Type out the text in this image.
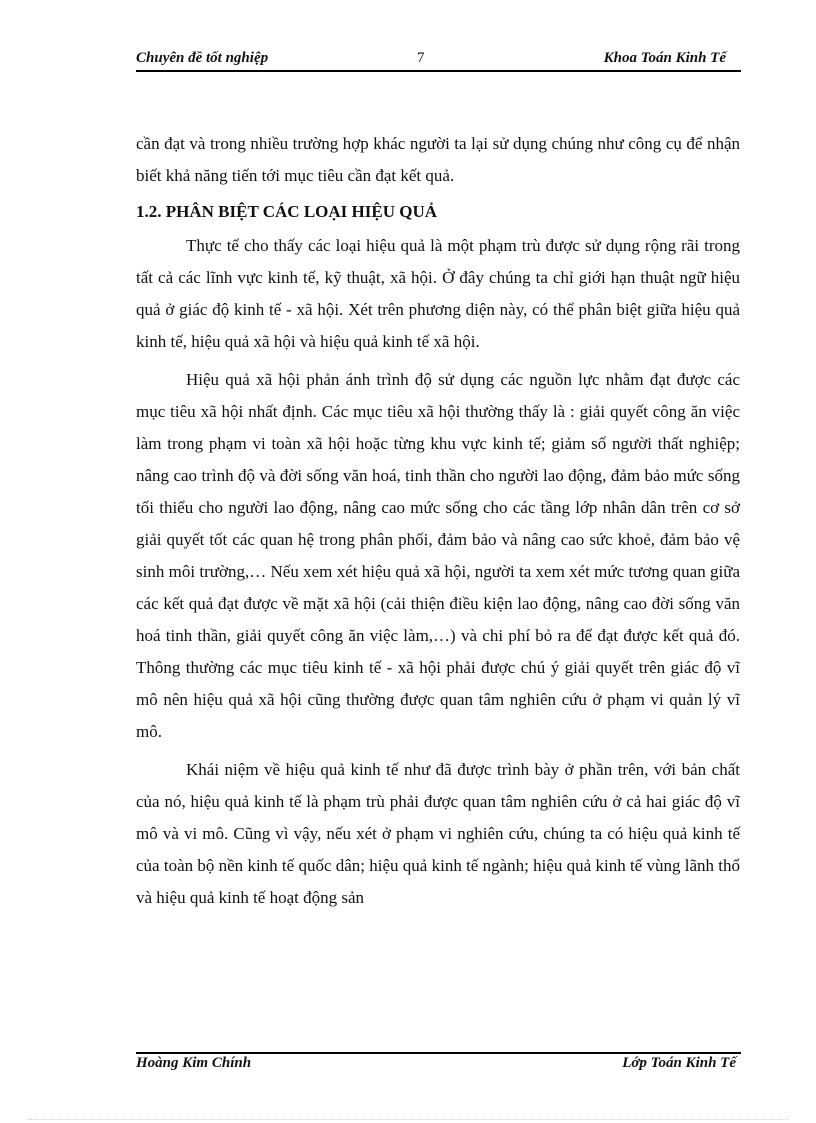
Chuyên đề tốt nghiệp	7	Khoa Toán Kinh Tế

cần đạt và trong nhiều trường hợp khác người ta lại sử dụng chúng như công cụ để nhận biết khả năng tiến tới mục tiêu cần đạt kết quả.

1.2. PHÂN BIỆT CÁC LOẠI HIỆU QUẢ

Thực tế cho thấy các loại hiệu quả là một phạm trù được sử dụng rộng rãi trong tất cả các lĩnh vực kinh tế, kỹ thuật, xã hội. Ở đây chúng ta chỉ giới hạn thuật ngữ hiệu quả ở giác độ kinh tế - xã hội. Xét trên phương diện này, có thể phân biệt giữa hiệu quả kinh tế, hiệu quả xã hội và hiệu quả kinh tế xã hội.

Hiệu quả xã hội phản ánh trình độ sử dụng các nguồn lực nhằm đạt được các mục tiêu xã hội nhất định. Các mục tiêu xã hội thường thấy là : giải quyết công ăn việc làm trong phạm vi toàn xã hội hoặc từng khu vực kinh tế; giảm số người thất nghiệp; nâng cao trình độ và đời sống văn hoá, tinh thần cho người lao động, đảm bảo mức sống tối thiểu cho người lao động, nâng cao mức sống cho các tầng lớp nhân dân trên cơ sở giải quyết tốt các quan hệ trong phân phối, đảm bảo và nâng cao sức khoẻ, đảm bảo vệ sinh môi trường,… Nếu xem xét hiệu quả xã hội, người ta xem xét mức tương quan giữa các kết quả đạt được về mặt xã hội (cải thiện điều kiện lao động, nâng cao đời sống văn hoá tinh thần, giải quyết công ăn việc làm,…) và chi phí bỏ ra để đạt được kết quả đó. Thông thường các mục tiêu kinh tế - xã hội phải được chú ý giải quyết trên giác độ vĩ mô nên hiệu quả xã hội cũng thường được quan tâm nghiên cứu ở phạm vi quản lý vĩ mô.

Khái niệm về hiệu quả kinh tế như đã được trình bày ở phần trên, với bản chất của nó, hiệu quả kinh tế là phạm trù phải được quan tâm nghiên cứu ở cả hai giác độ vĩ mô và vi mô. Cũng vì vậy, nếu xét ở phạm vi nghiên cứu, chúng ta có hiệu quả kinh tế của toàn bộ nền kinh tế quốc dân; hiệu quả kinh tế ngành; hiệu quả kinh tế vùng lãnh thổ và hiệu quả kinh tế hoạt động sản

Hoàng Kim Chính	Lớp Toán Kinh Tế
